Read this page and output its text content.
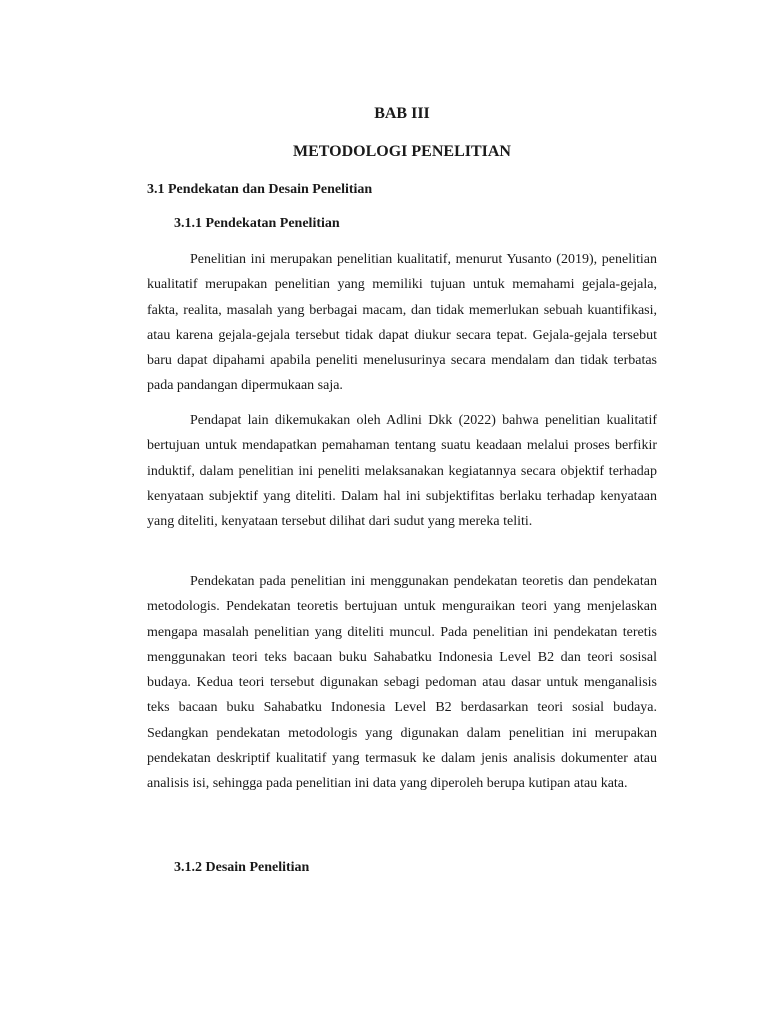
BAB III
METODOLOGI PENELITIAN
3.1 Pendekatan dan Desain Penelitian
3.1.1 Pendekatan Penelitian

Penelitian ini merupakan penelitian kualitatif, menurut Yusanto (2019), penelitian kualitatif merupakan penelitian yang memiliki tujuan untuk memahami gejala-gejala, fakta, realita, masalah yang berbagai macam, dan tidak memerlukan sebuah kuantifikasi, atau karena gejala-gejala tersebut tidak dapat diukur secara tepat. Gejala-gejala tersebut baru dapat dipahami apabila peneliti menelusurinya secara mendalam dan tidak terbatas pada pandangan dipermukaan saja.

Pendapat lain dikemukakan oleh Adlini Dkk (2022) bahwa penelitian kualitatif bertujuan untuk mendapatkan pemahaman tentang suatu keadaan melalui proses berfikir induktif, dalam penelitian ini peneliti melaksanakan kegiatannya secara objektif terhadap kenyataan subjektif yang diteliti. Dalam hal ini subjektifitas berlaku terhadap kenyataan yang diteliti, kenyataan tersebut dilihat dari sudut yang mereka teliti.

Pendekatan pada penelitian ini menggunakan pendekatan teoretis dan pendekatan metodologis. Pendekatan teoretis bertujuan untuk menguraikan teori yang menjelaskan mengapa masalah penelitian yang diteliti muncul. Pada penelitian ini pendekatan teretis menggunakan teori teks bacaan buku Sahabatku Indonesia Level B2 dan teori sosisal budaya. Kedua teori tersebut digunakan sebagi pedoman atau dasar untuk menganalisis teks bacaan buku Sahabatku Indonesia Level B2 berdasarkan teori sosial budaya. Sedangkan pendekatan metodologis yang digunakan dalam penelitian ini merupakan pendekatan deskriptif kualitatif yang termasuk ke dalam jenis analisis dokumenter atau analisis isi, sehingga pada penelitian ini data yang diperoleh berupa kutipan atau kata.

3.1.2 Desain Penelitian
